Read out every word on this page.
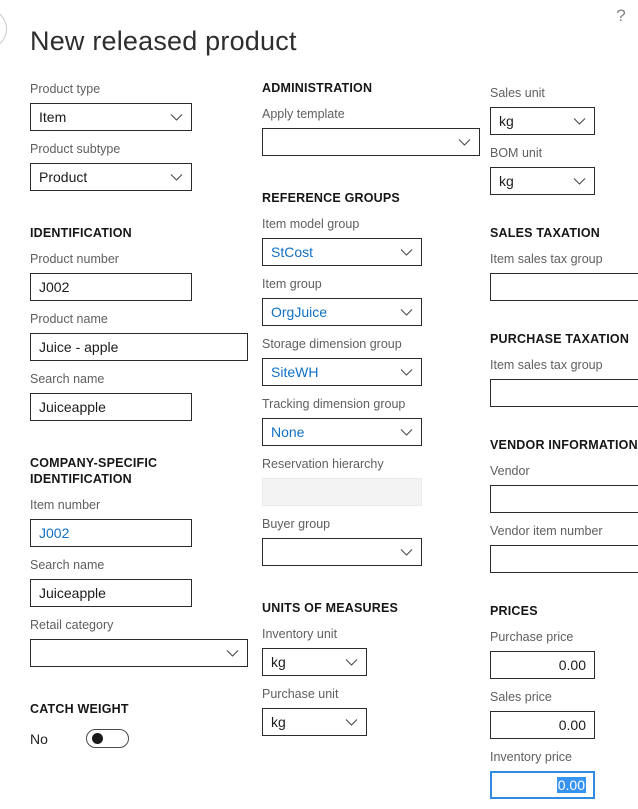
New released product
?
Product type
Item
Product subtype
Product
IDENTIFICATION
Product number
J002
Product name
Juice - apple
Search name
Juiceapple
COMPANY-SPECIFIC IDENTIFICATION
Item number
J002
Search name
Juiceapple
Retail category
CATCH WEIGHT
No
ADMINISTRATION
Apply template
REFERENCE GROUPS
Item model group
StCost
Item group
OrgJuice
Storage dimension group
SiteWH
Tracking dimension group
None
Reservation hierarchy
Buyer group
UNITS OF MEASURES
Inventory unit
kg
Purchase unit
kg
Sales unit
kg
BOM unit
kg
SALES TAXATION
Item sales tax group
PURCHASE TAXATION
Item sales tax group
VENDOR INFORMATION
Vendor
Vendor item number
PRICES
Purchase price
0.00
Sales price
0.00
Inventory price
0.00
